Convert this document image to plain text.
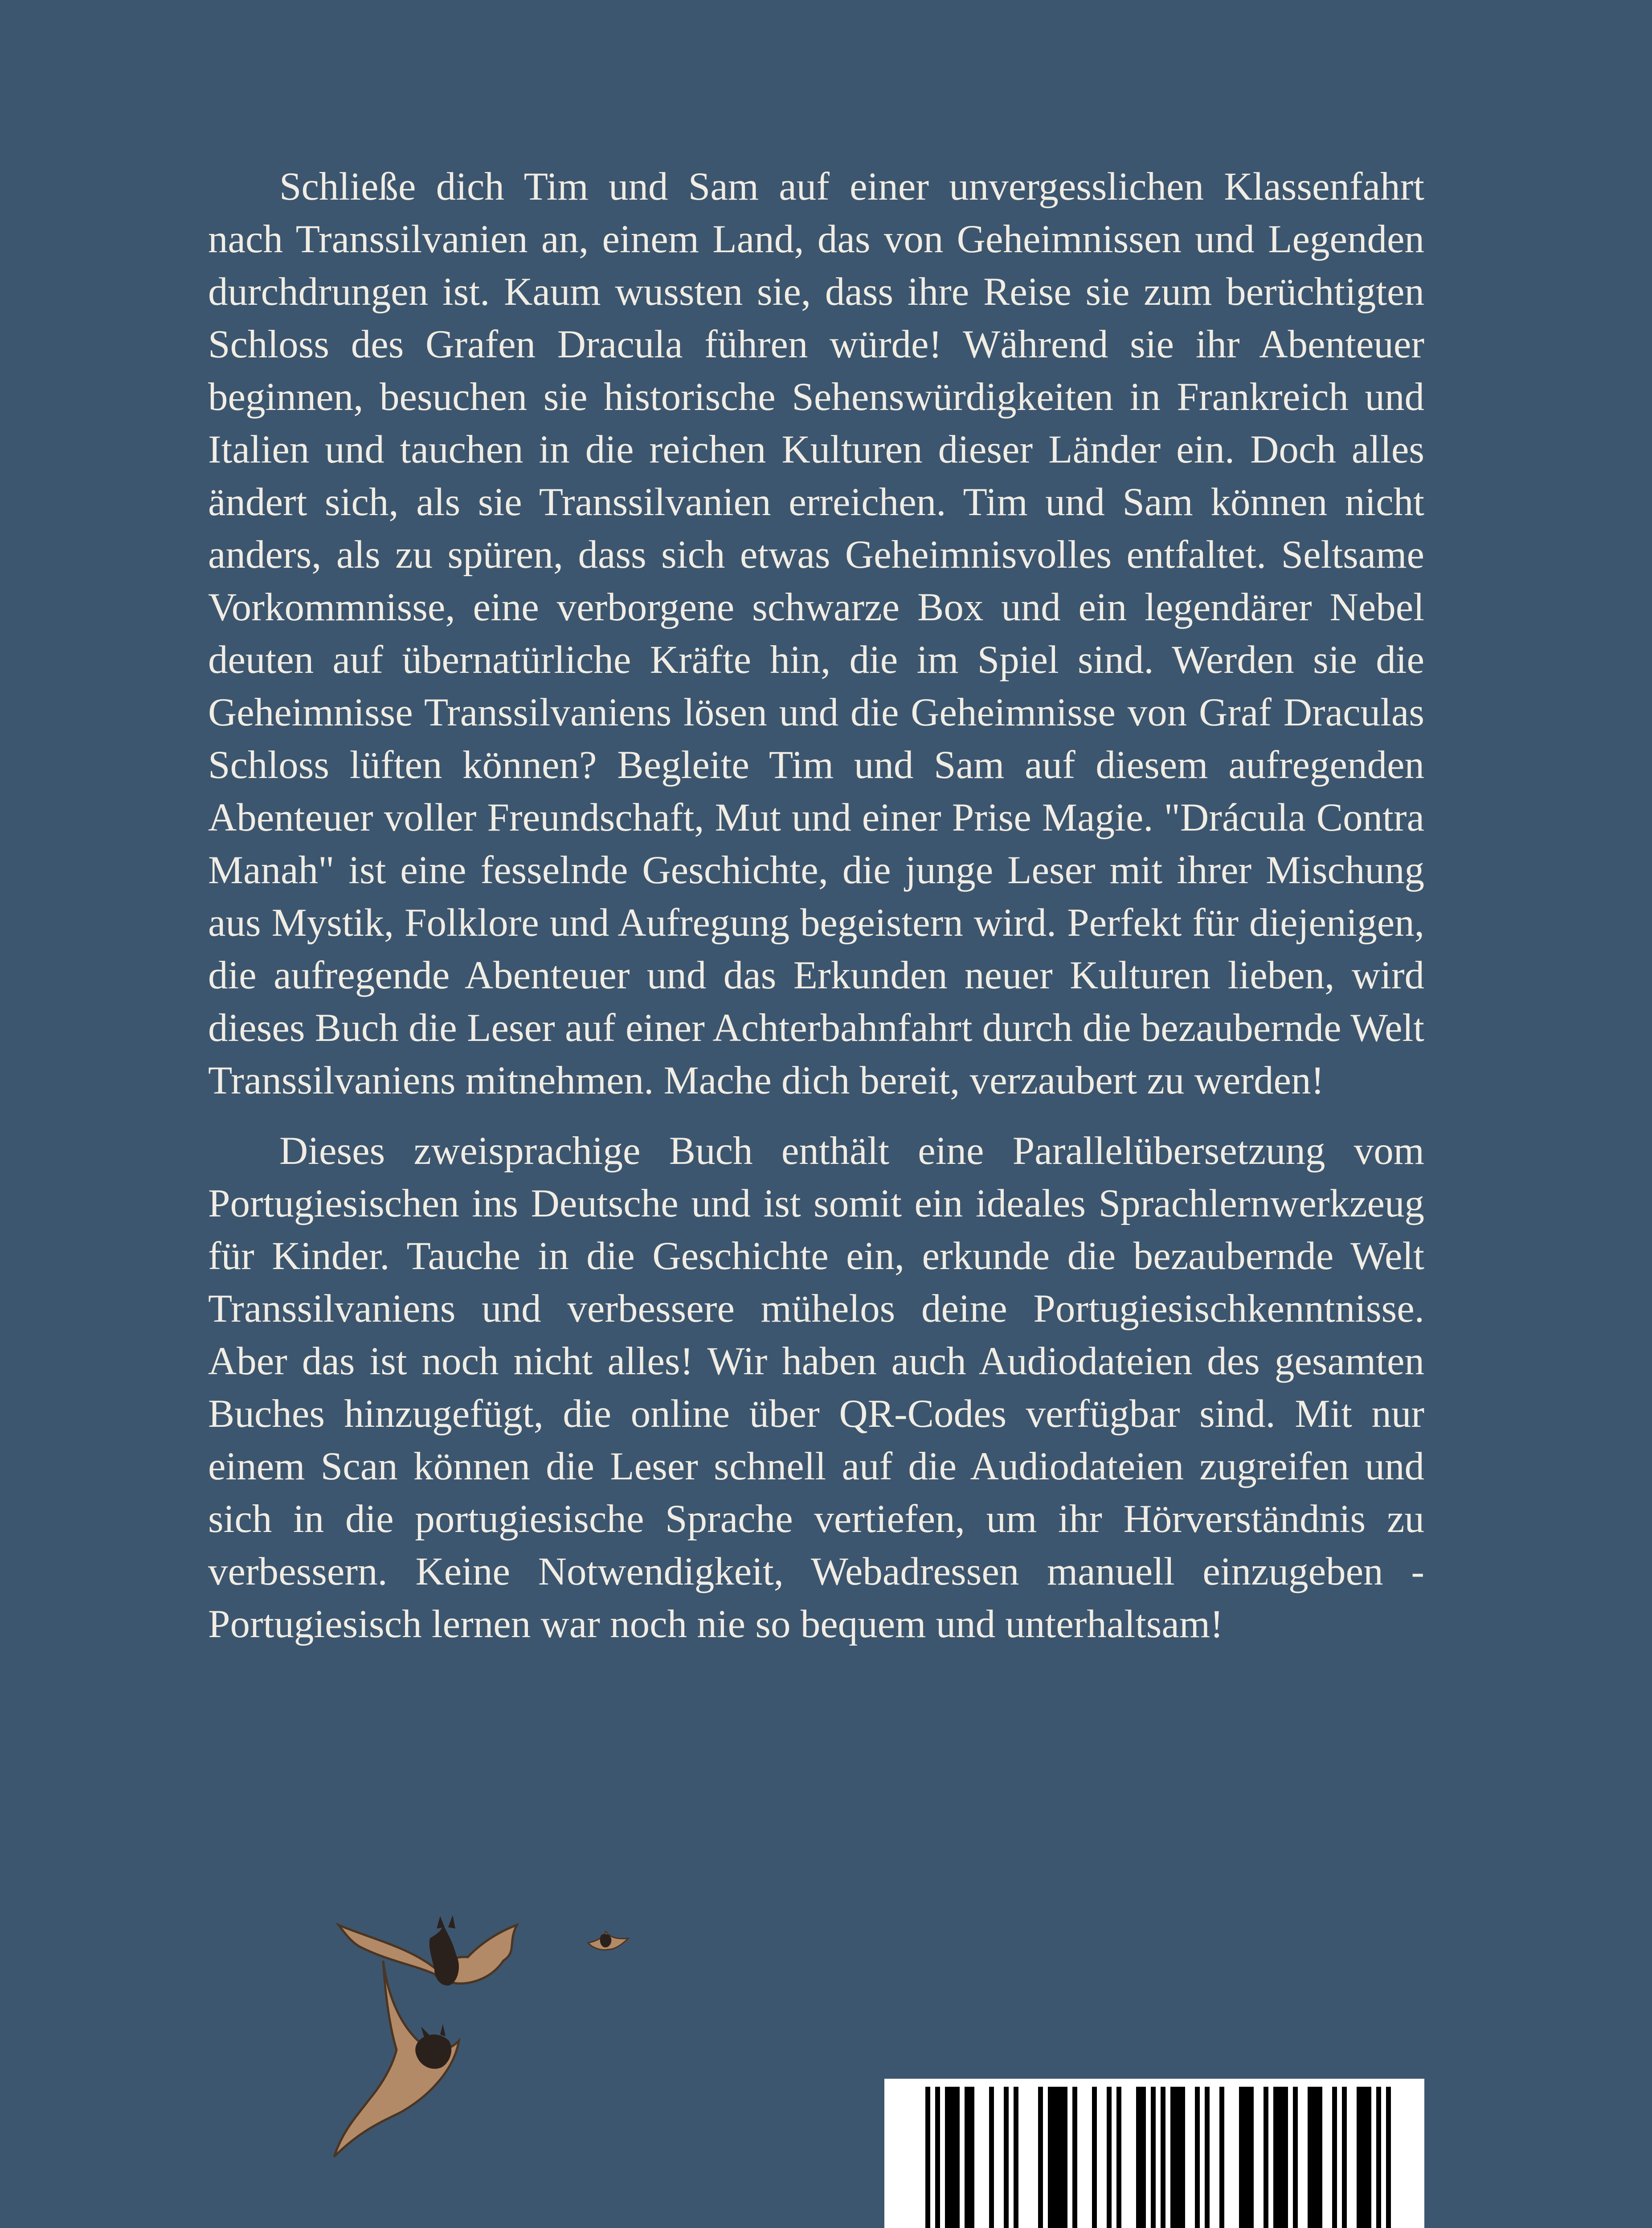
Schließe dich Tim und Sam auf einer unvergesslichen Klassenfahrt nach Transsilvanien an, einem Land, das von Geheimnissen und Legenden durchdrungen ist. Kaum wussten sie, dass ihre Reise sie zum berüchtigten Schloss des Grafen Dracula führen würde! Während sie ihr Abenteuer beginnen, besuchen sie historische Sehenswürdigkeiten in Frankreich und Italien und tauchen in die reichen Kulturen dieser Länder ein. Doch alles ändert sich, als sie Transsilvanien erreichen. Tim und Sam können nicht anders, als zu spüren, dass sich etwas Geheimnisvolles entfaltet. Seltsame Vorkommnisse, eine verborgene schwarze Box und ein legendärer Nebel deuten auf übernatürliche Kräfte hin, die im Spiel sind. Werden sie die Geheimnisse Transsilvaniens lösen und die Geheimnisse von Graf Draculas Schloss lüften können? Begleite Tim und Sam auf diesem aufregenden Abenteuer voller Freundschaft, Mut und einer Prise Magie. "Drácula Contra Manah" ist eine fesselnde Geschichte, die junge Leser mit ihrer Mischung aus Mystik, Folklore und Aufregung begeistern wird. Perfekt für diejenigen, die aufregende Abenteuer und das Erkunden neuer Kulturen lieben, wird dieses Buch die Leser auf einer Achterbahnfahrt durch die bezaubernde Welt Transsilvaniens mitnehmen. Mache dich bereit, verzaubert zu werden!

Dieses zweisprachige Buch enthält eine Parallelübersetzung vom Portugiesischen ins Deutsche und ist somit ein ideales Sprachlernwerkzeug für Kinder. Tauche in die Geschichte ein, erkunde die bezaubernde Welt Transsilvaniens und verbessere mühelos deine Portugiesischkenntnisse. Aber das ist noch nicht alles! Wir haben auch Audiodateien des gesamten Buches hinzugefügt, die online über QR-Codes verfügbar sind. Mit nur einem Scan können die Leser schnell auf die Audiodateien zugreifen und sich in die portugiesische Sprache vertiefen, um ihr Hörverständnis zu verbessern. Keine Notwendigkeit, Webadressen manuell einzugeben - Portugiesisch lernen war noch nie so bequem und unterhaltsam!
